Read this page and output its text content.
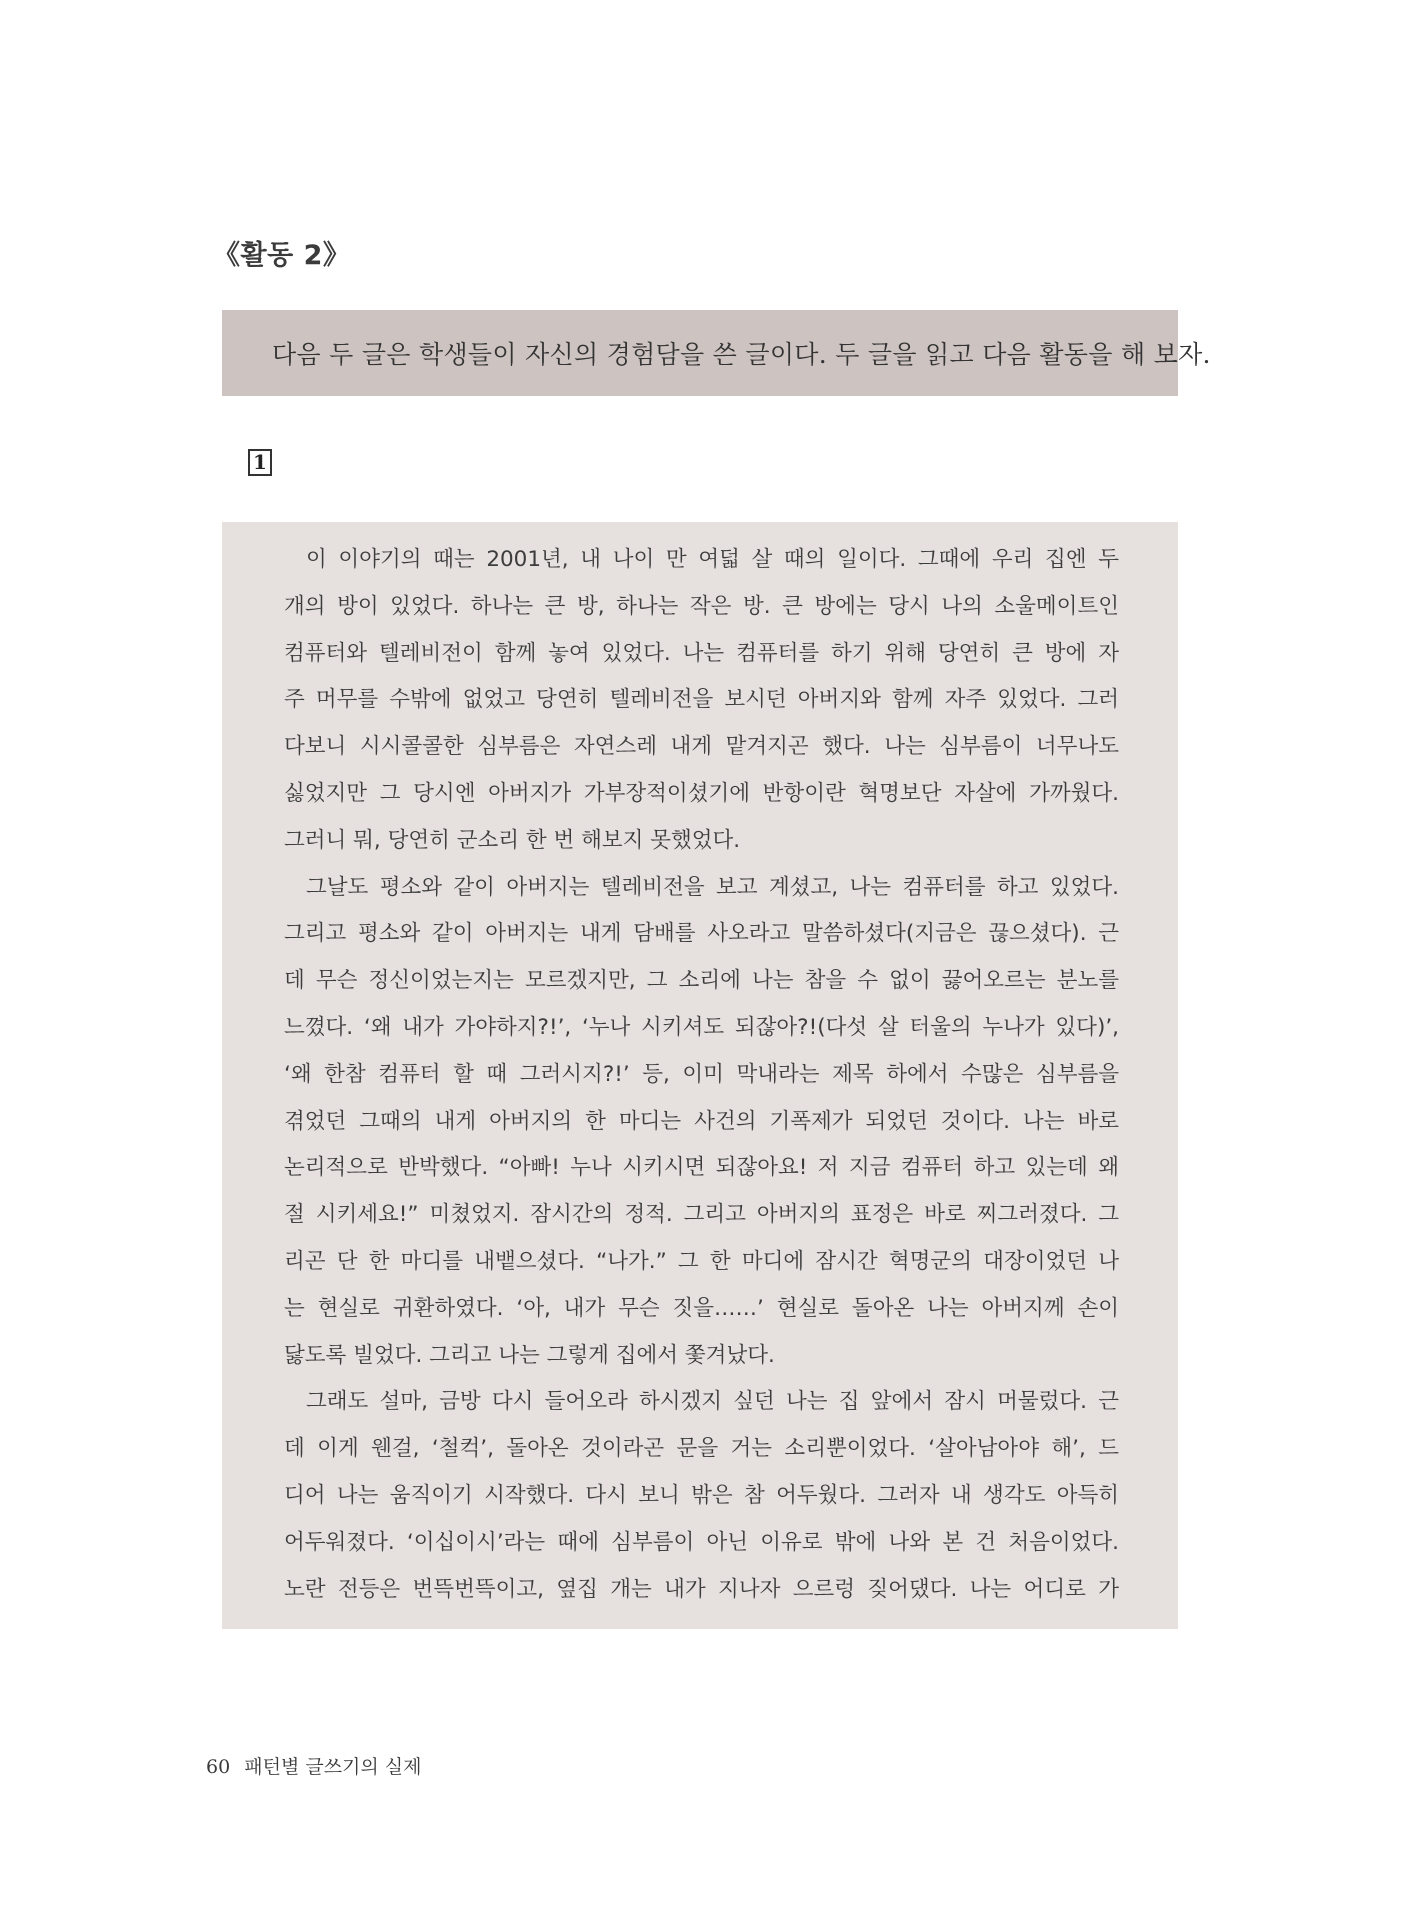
《활동 2》
다음 두 글은 학생들이 자신의 경험담을 쓴 글이다. 두 글을 읽고 다음 활동을 해 보자.
1
이 이야기의 때는 2001년, 내 나이 만 여덟 살 때의 일이다. 그때에 우리 집엔 두
개의 방이 있었다. 하나는 큰 방, 하나는 작은 방. 큰 방에는 당시 나의 소울메이트인
컴퓨터와 텔레비전이 함께 놓여 있었다. 나는 컴퓨터를 하기 위해 당연히 큰 방에 자
주 머무를 수밖에 없었고 당연히 텔레비전을 보시던 아버지와 함께 자주 있었다. 그러
다보니 시시콜콜한 심부름은 자연스레 내게 맡겨지곤 했다. 나는 심부름이 너무나도
싫었지만 그 당시엔 아버지가 가부장적이셨기에 반항이란 혁명보단 자살에 가까웠다.
그러니 뭐, 당연히 군소리 한 번 해보지 못했었다.
그날도 평소와 같이 아버지는 텔레비전을 보고 계셨고, 나는 컴퓨터를 하고 있었다.
그리고 평소와 같이 아버지는 내게 담배를 사오라고 말씀하셨다(지금은 끊으셨다). 근
데 무슨 정신이었는지는 모르겠지만, 그 소리에 나는 참을 수 없이 끓어오르는 분노를
느꼈다. ‘왜 내가 가야하지?!’, ‘누나 시키셔도 되잖아?!(다섯 살 터울의 누나가 있다)’,
‘왜 한참 컴퓨터 할 때 그러시지?!’ 등, 이미 막내라는 제목 하에서 수많은 심부름을
겪었던 그때의 내게 아버지의 한 마디는 사건의 기폭제가 되었던 것이다. 나는 바로
논리적으로 반박했다. “아빠! 누나 시키시면 되잖아요! 저 지금 컴퓨터 하고 있는데 왜
절 시키세요!” 미쳤었지. 잠시간의 정적. 그리고 아버지의 표정은 바로 찌그러졌다. 그
리곤 단 한 마디를 내뱉으셨다. “나가.” 그 한 마디에 잠시간 혁명군의 대장이었던 나
는 현실로 귀환하였다. ‘아, 내가 무슨 짓을……’ 현실로 돌아온 나는 아버지께 손이
닳도록 빌었다. 그리고 나는 그렇게 집에서 쫓겨났다.
그래도 설마, 금방 다시 들어오라 하시겠지 싶던 나는 집 앞에서 잠시 머물렀다. 근
데 이게 웬걸, ‘철컥’, 돌아온 것이라곤 문을 거는 소리뿐이었다. ‘살아남아야 해’, 드
디어 나는 움직이기 시작했다. 다시 보니 밖은 참 어두웠다. 그러자 내 생각도 아득히
어두워졌다. ‘이십이시’라는 때에 심부름이 아닌 이유로 밖에 나와 본 건 처음이었다.
노란 전등은 번뜩번뜩이고, 옆집 개는 내가 지나자 으르렁 짖어댔다. 나는 어디로 가
60 패턴별 글쓰기의 실제
